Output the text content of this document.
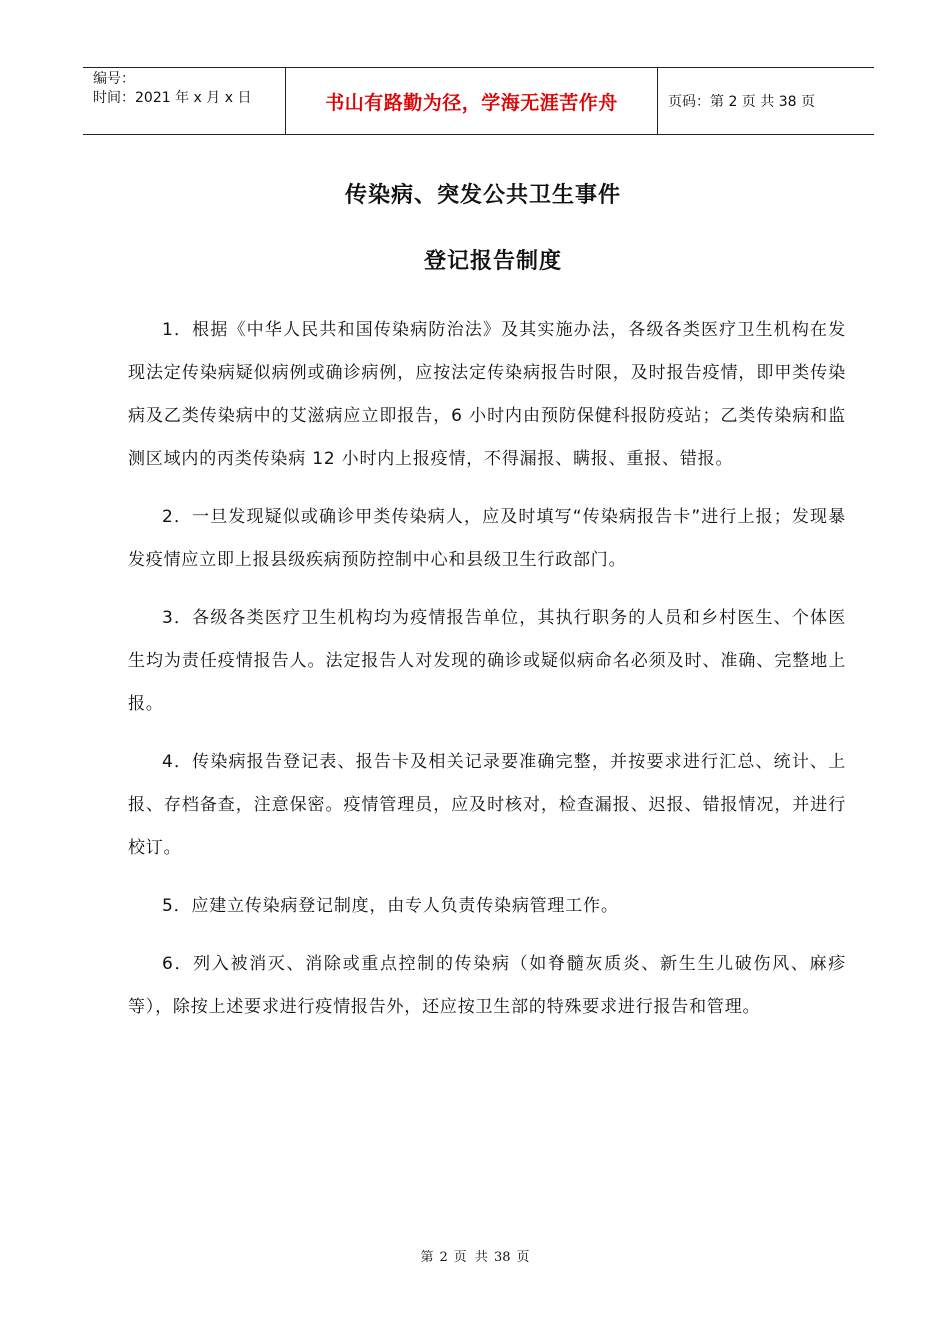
编号：
时间：2021 年 x 月 x 日	书山有路勤为径，学海无涯苦作舟	页码：第 2 页 共 38 页
传染病、突发公共卫生事件
登记报告制度

1．根据《中华人民共和国传染病防治法》及其实施办法，各级各类医疗卫生机构在发现法定传染病疑似病例或确诊病例，应按法定传染病报告时限，及时报告疫情，即甲类传染病及乙类传染病中的艾滋病应立即报告，6 小时内由预防保健科报防疫站；乙类传染病和监测区域内的丙类传染病 12 小时内上报疫情，不得漏报、瞒报、重报、错报。

2．一旦发现疑似或确诊甲类传染病人，应及时填写“传染病报告卡”进行上报；发现暴发疫情应立即上报县级疾病预防控制中心和县级卫生行政部门。

3．各级各类医疗卫生机构均为疫情报告单位，其执行职务的人员和乡村医生、个体医生均为责任疫情报告人。法定报告人对发现的确诊或疑似病命名必须及时、准确、完整地上报。

4．传染病报告登记表、报告卡及相关记录要准确完整，并按要求进行汇总、统计、上报、存档备查，注意保密。疫情管理员，应及时核对，检查漏报、迟报、错报情况，并进行校订。

5．应建立传染病登记制度，由专人负责传染病管理工作。

6．列入被消灭、消除或重点控制的传染病（如脊髓灰质炎、新生生儿破伤风、麻疹等），除按上述要求进行疫情报告外，还应按卫生部的特殊要求进行报告和管理。

第 2 页 共 38 页
